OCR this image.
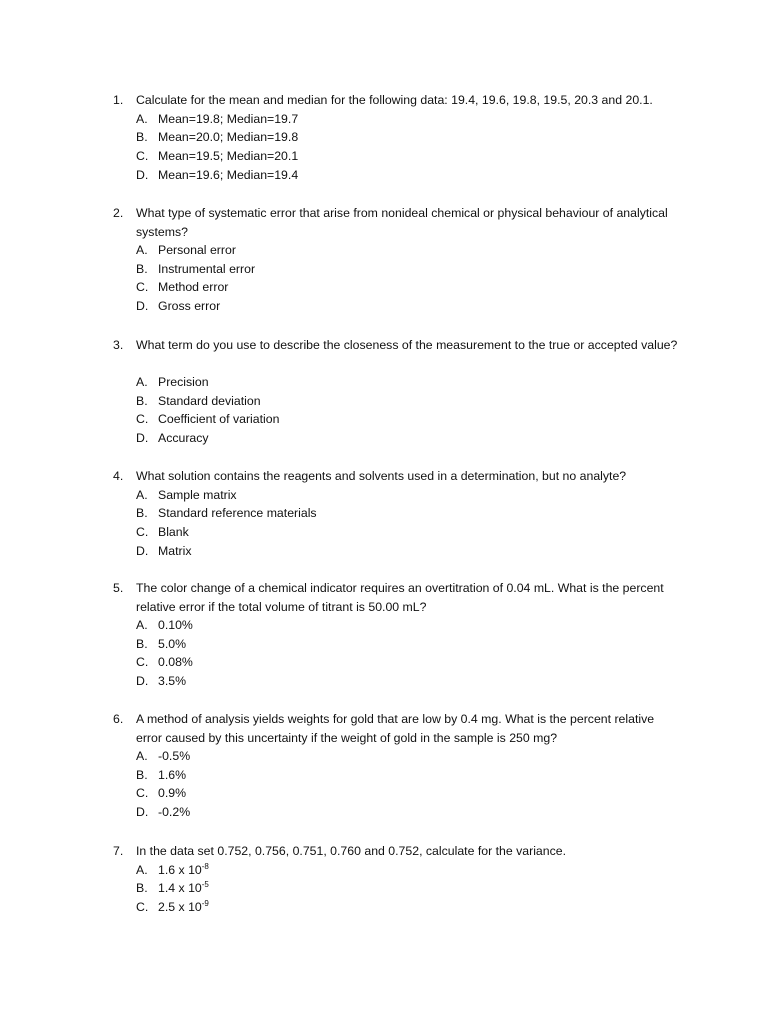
1. Calculate for the mean and median for the following data: 19.4, 19.6, 19.8, 19.5, 20.3 and 20.1.

A. Mean=19.8; Median=19.7
B. Mean=20.0; Median=19.8
C. Mean=19.5; Median=20.1
D. Mean=19.6; Median=19.4
2. What type of systematic error that arise from nonideal chemical or physical behaviour of analytical systems?

A. Personal error
B. Instrumental error
C. Method error
D. Gross error
3. What term do you use to describe the closeness of the measurement to the true or accepted value?

A. Precision
B. Standard deviation
C. Coefficient of variation
D. Accuracy
4. What solution contains the reagents and solvents used in a determination, but no analyte?

A. Sample matrix
B. Standard reference materials
C. Blank
D. Matrix
5. The color change of a chemical indicator requires an overtitration of 0.04 mL. What is the percent relative error if the total volume of titrant is 50.00 mL?

A. 0.10%
B. 5.0%
C. 0.08%
D. 3.5%
6. A method of analysis yields weights for gold that are low by 0.4 mg. What is the percent relative error caused by this uncertainty if the weight of gold in the sample is 250 mg?

A. -0.5%
B. 1.6%
C. 0.9%
D. -0.2%
7. In the data set 0.752, 0.756, 0.751, 0.760 and 0.752, calculate for the variance.

A. 1.6 x $10^{-8}$
B. 1.4 x $10^{-5}$
C. 2.5 x $10^{-9}$
